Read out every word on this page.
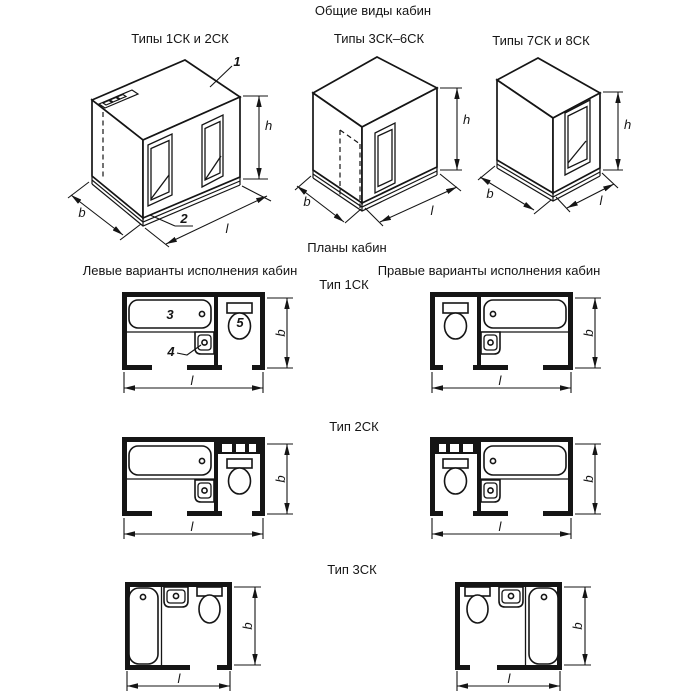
Общие виды кабин
Типы 1СК и 2СК	Типы 3СК–6СК	Типы 7СК и 8СК
Планы кабин
Левые варианты исполнения кабин	Правые варианты исполнения кабин
Тип 1СК
Тип 2СК
Тип 3СК
1
2
h
b
l
h
b
l
h
b	l
3
4
5
b
l
b
l
b
l
b
l
b
l
b
l
